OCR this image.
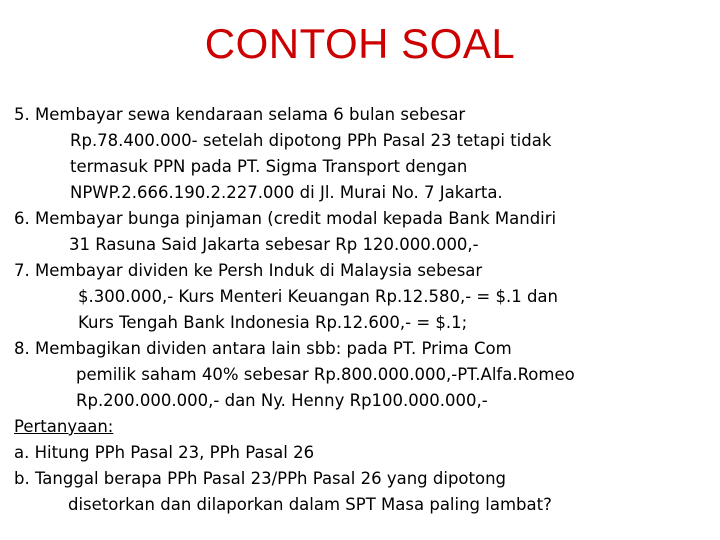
CONTOH SOAL
5. Membayar sewa kendaraan selama 6 bulan sebesar
Rp.78.400.000- setelah dipotong PPh Pasal 23 tetapi tidak
termasuk PPN pada PT. Sigma Transport dengan
NPWP.2.666.190.2.227.000 di Jl. Murai No. 7 Jakarta.
6. Membayar bunga pinjaman (credit modal kepada Bank Mandiri
31 Rasuna Said Jakarta sebesar Rp 120.000.000,-
7. Membayar dividen ke Persh Induk di Malaysia sebesar
$.300.000,- Kurs Menteri Keuangan Rp.12.580,- = $.1 dan
Kurs Tengah Bank Indonesia Rp.12.600,- = $.1;
8. Membagikan dividen antara lain sbb: pada PT. Prima Com
pemilik saham 40% sebesar Rp.800.000.000,-PT.Alfa.Romeo
Rp.200.000.000,- dan Ny. Henny Rp100.000.000,-
Pertanyaan:
a. Hitung PPh Pasal 23, PPh Pasal 26
b. Tanggal berapa PPh Pasal 23/PPh Pasal 26 yang dipotong
disetorkan dan dilaporkan dalam SPT Masa paling lambat?
